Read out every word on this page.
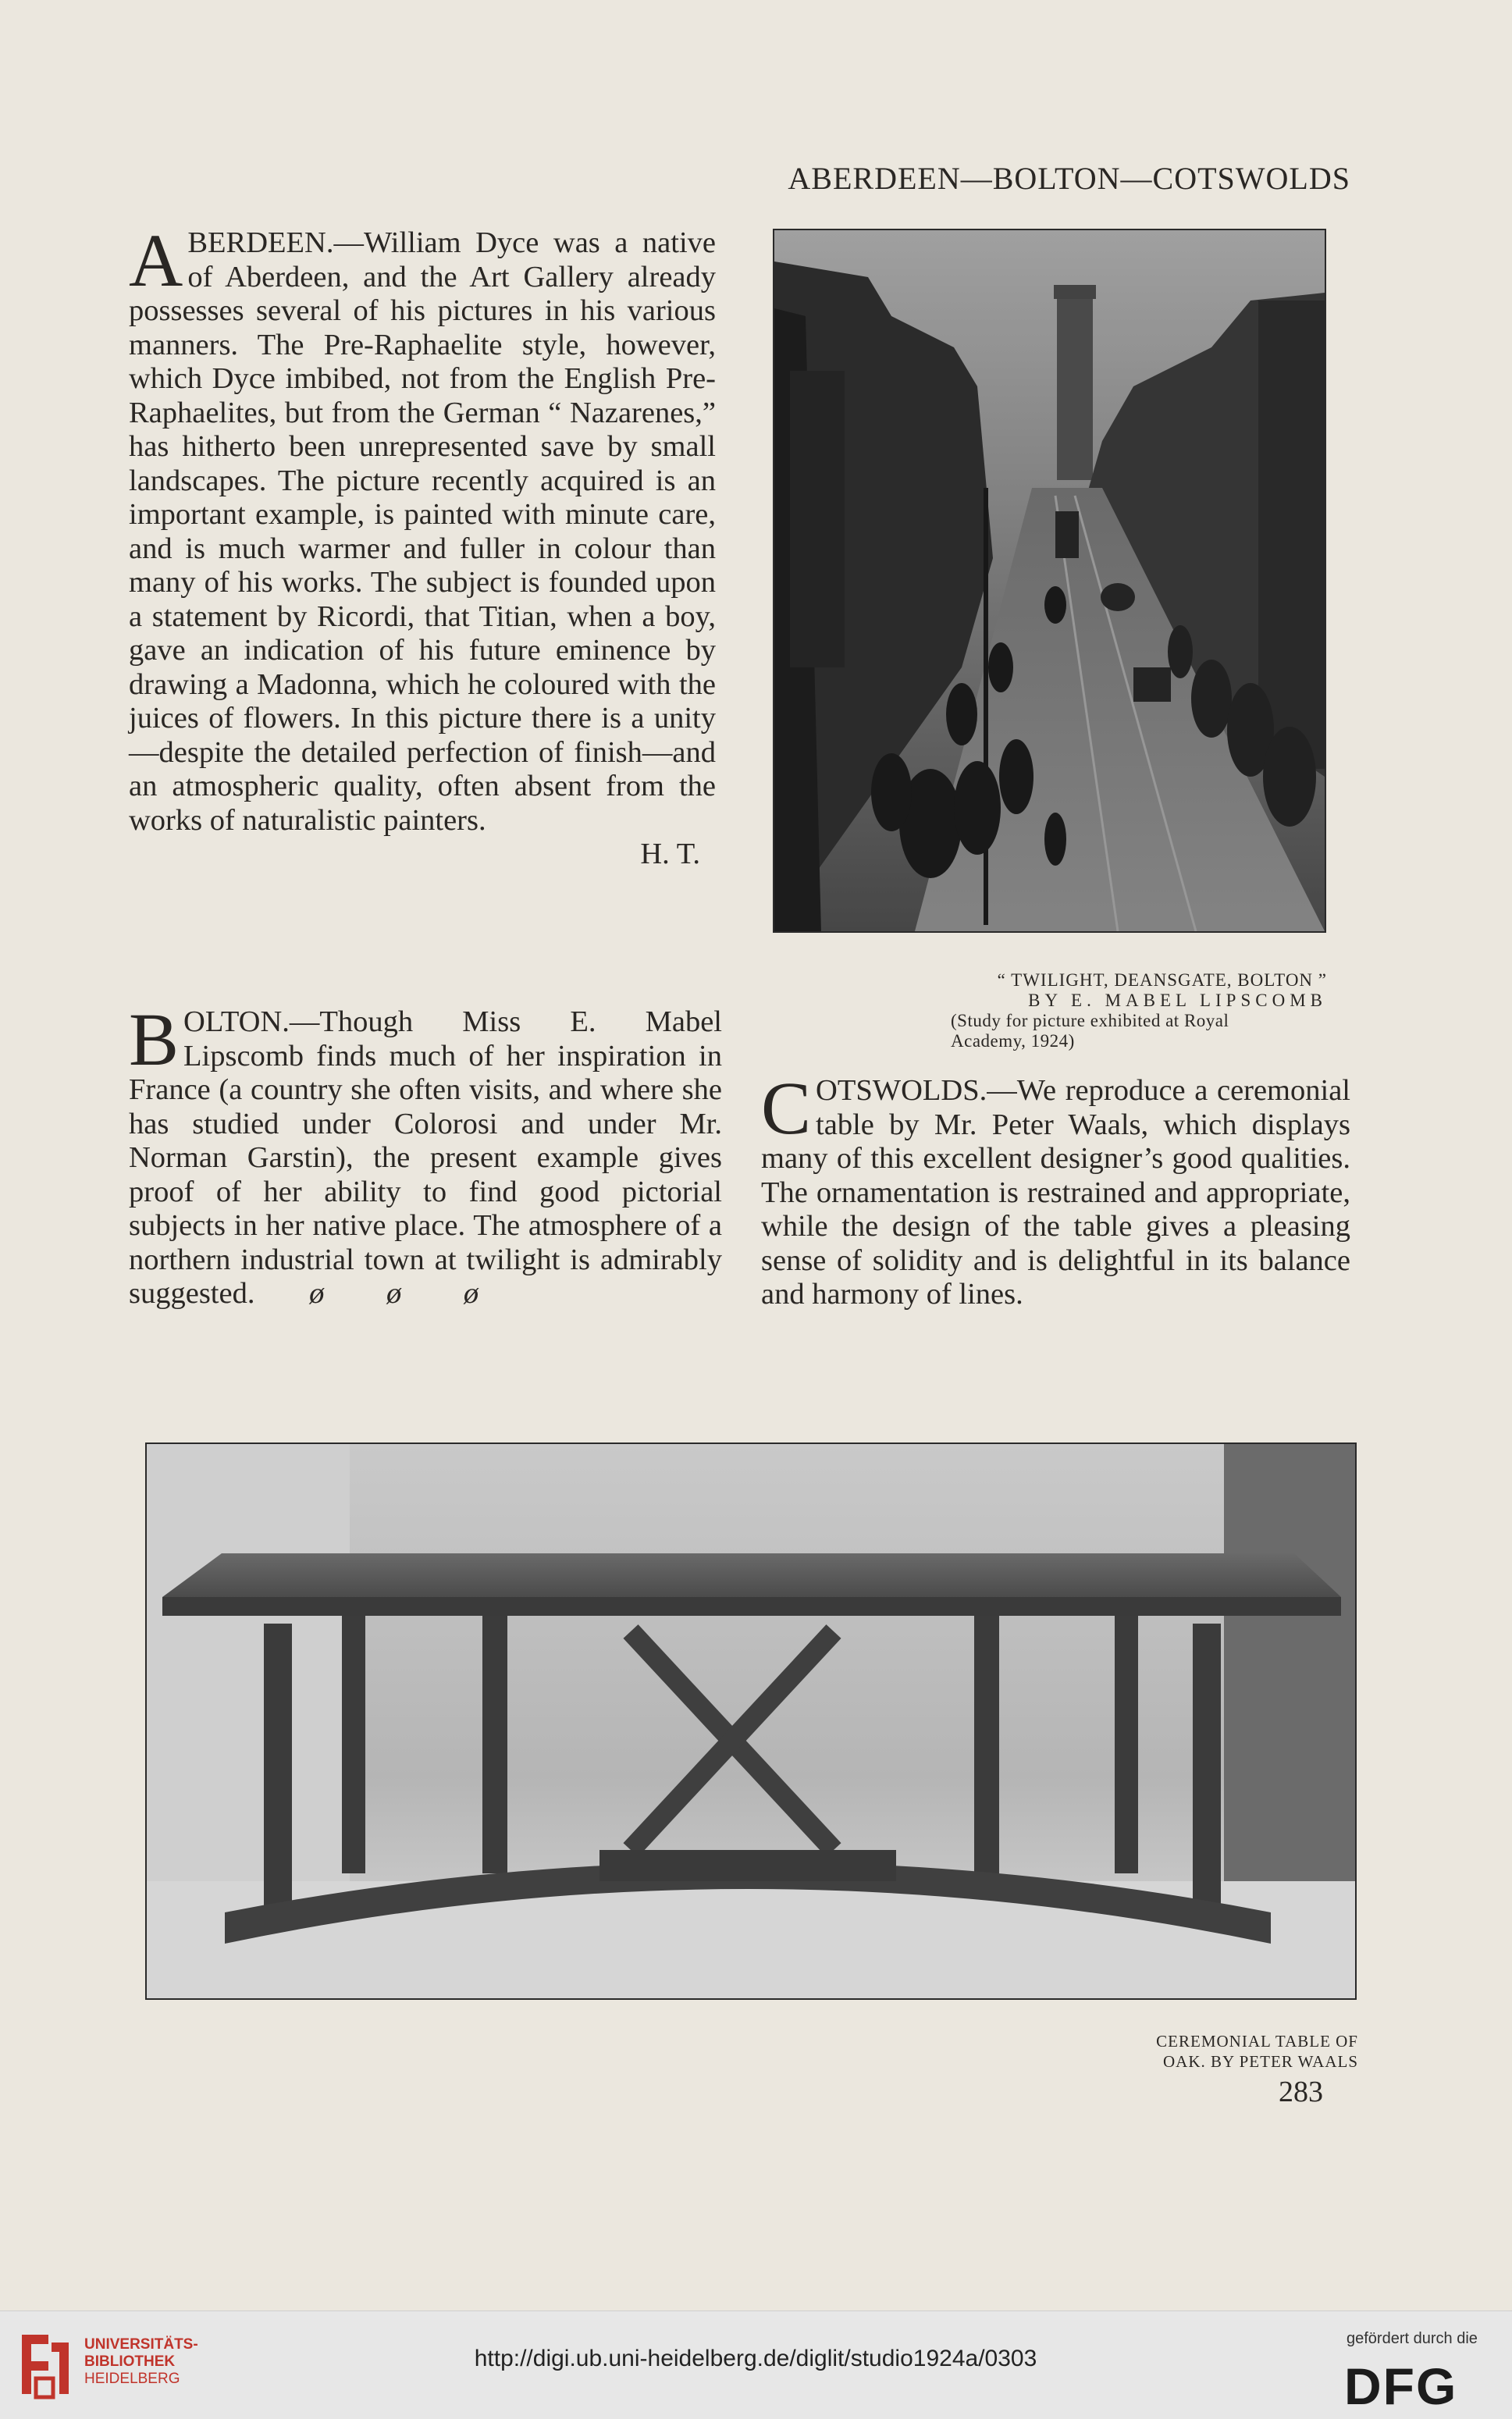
ABERDEEN—BOLTON—COTSWOLDS

A BERDEEN.—William Dyce was a native of Aberdeen, and the Art Gallery already possesses several of his pictures in his various manners. The Pre-Raphaelite style, however, which Dyce imbibed, not from the English Pre-Raphaelites, but from the German “ Nazarenes,” has hitherto been unrepresented save by small landscapes. The picture recently acquired is an important example, is painted with minute care, and is much warmer and fuller in colour than many of his works. The subject is founded upon a statement by Ricordi, that Titian, when a boy, gave an indication of his future eminence by drawing a Madonna, which he coloured with the juices of flowers. In this picture there is a unity—despite the detailed perfection of finish—and an atmospheric quality, often absent from the works of naturalistic painters.

H. T.

B OLTON.—Though Miss E. Mabel Lipscomb finds much of her inspiration in France (a country she often visits, and where she has studied under Colorosi and under Mr. Norman Garstin), the present example gives proof of her ability to find good pictorial subjects in her native place. The atmosphere of a northern industrial town at twilight is admirably suggested. ø ø ø

C OTSWOLDS.—We reproduce a ceremonial table by Mr. Peter Waals, which displays many of this excellent designer’s good qualities. The ornamentation is restrained and appropriate, while the design of the table gives a pleasing sense of solidity and is delightful in its balance and harmony of lines.

“ TWILIGHT, DEANSGATE, BOLTON ”
BY E. MABEL LIPSCOMB
(Study for picture exhibited at Royal
Academy, 1924)
CEREMONIAL TABLE OF
OAK. BY PETER WAALS
283
UNIVERSITÄTS-
BIBLIOTHEK
HEIDELBERG
http://digi.ub.uni-heidelberg.de/diglit/studio1924a/0303
gefördert durch die
DFG
